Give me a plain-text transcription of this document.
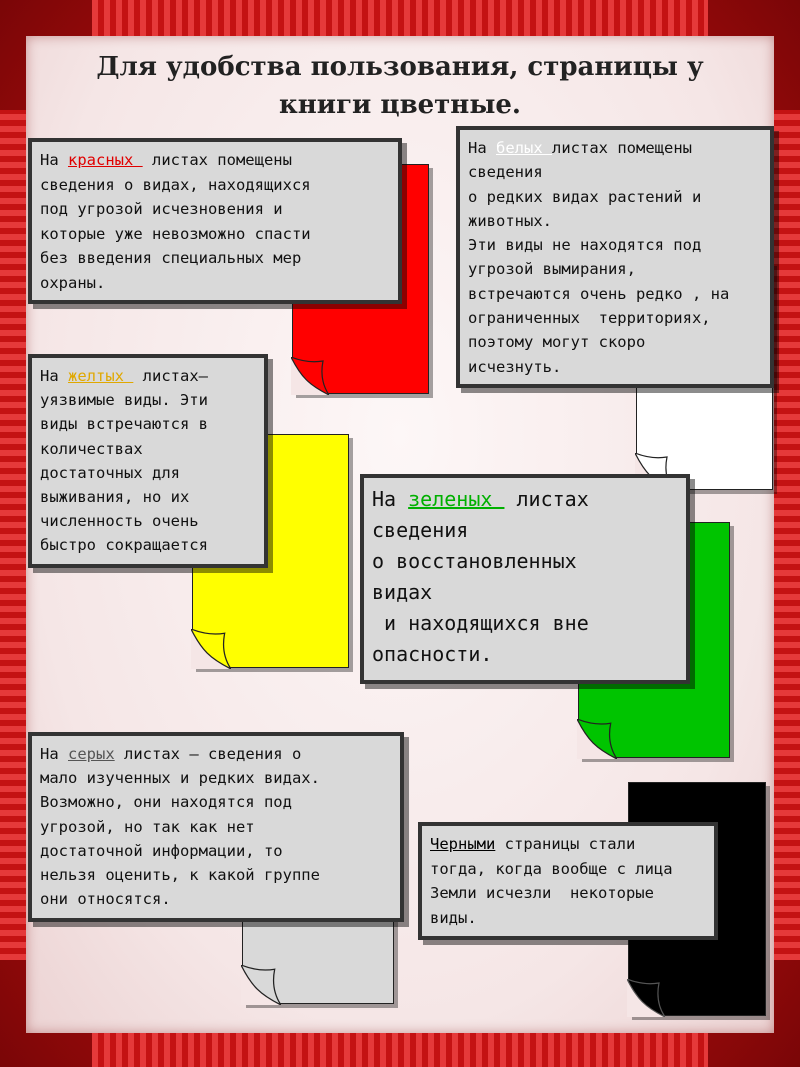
Для удобства пользования, страницы у
книги цветные.

На красных  листах помещены
сведения о видах, находящихся
под угрозой исчезновения и
которые уже невозможно спасти
без введения специальных мер
охраны.

На белых листах помещены
сведения
о редких видах растений и
животных.
Эти виды не находятся под
угрозой вымирания,
встречаются очень редко , на
ограниченных  территориях,
поэтому могут скоро
исчезнуть.

На желтых  листах—
уязвимые виды. Эти
виды встречаются в
количествах
достаточных для
выживания, но их
численность очень
быстро сокращается

На зеленых  листах
сведения
о восстановленных
видах
и находящихся вне
опасности.

На серых листах — сведения о
мало изученных и редких видах.
Возможно, они находятся под
угрозой, но так как нет
достаточной информации, то
нельзя оценить, к какой группе
они относятся.

Черными страницы стали
тогда, когда вообще с лица
Земли исчезли  некоторые
виды.
